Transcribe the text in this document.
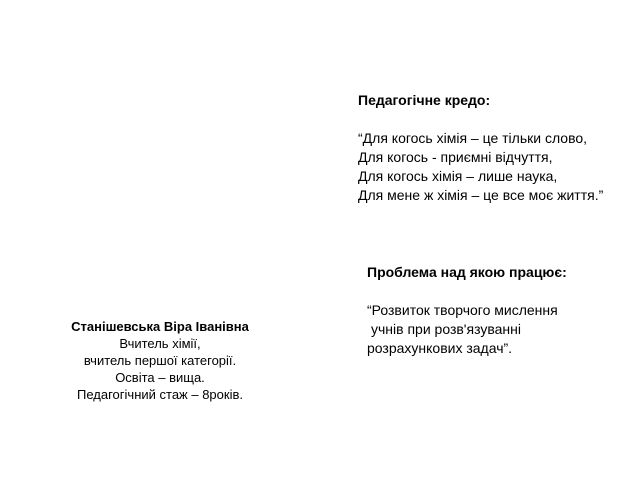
Педагогічне кредо:
“Для когось хімія – це тільки слово,
Для когось - приємні відчуття,
Для когось хімія – лише наука,
Для мене ж хімія – це все моє життя.”
Проблема над якою працює:
“Розвиток творчого мислення
учнів при розв'язуванні
розрахункових задач”.
Станішевська Віра Іванівна
Вчитель хімії,
вчитель першої категорії.
Освіта – вища.
Педагогічний стаж – 8років.
